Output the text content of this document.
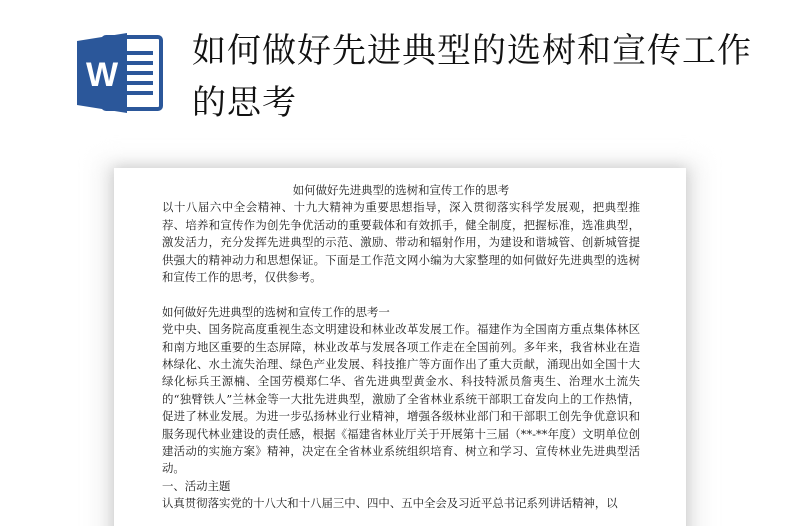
W
如何做好先进典型的选树和宣传工作的思考

如何做好先进典型的选树和宣传工作的思考

以十八届六中全会精神、十九大精神为重要思想指导，深入贯彻落实科学发展观，把典型推荐、培养和宣传作为创先争优活动的重要载体和有效抓手，健全制度，把握标准，选准典型，激发活力，充分发挥先进典型的示范、激励、带动和辐射作用，为建设和谐城管、创新城管提供强大的精神动力和思想保证。下面是工作范文网小编为大家整理的如何做好先进典型的选树和宣传工作的思考，仅供参考。

如何做好先进典型的选树和宣传工作的思考一

党中央、国务院高度重视生态文明建设和林业改革发展工作。福建作为全国南方重点集体林区和南方地区重要的生态屏障，林业改革与发展各项工作走在全国前列。多年来，我省林业在造林绿化、水土流失治理、绿色产业发展、科技推广等方面作出了重大贡献，涌现出如全国十大绿化标兵王源楠、全国劳模郑仁华、省先进典型黄金水、科技特派员詹夷生、治理水土流失的“独臂铁人”兰林金等一大批先进典型，激励了全省林业系统干部职工奋发向上的工作热情，促进了林业发展。为进一步弘扬林业行业精神，增强各级林业部门和干部职工创先争优意识和服务现代林业建设的责任感，根据《福建省林业厅关于开展第十三届（**-**年度）文明单位创建活动的实施方案》精神，决定在全省林业系统组织培育、树立和学习、宣传林业先进典型活动。

一、活动主题

认真贯彻落实党的十八大和十八届三中、四中、五中全会及习近平总书记系列讲话精神，以
